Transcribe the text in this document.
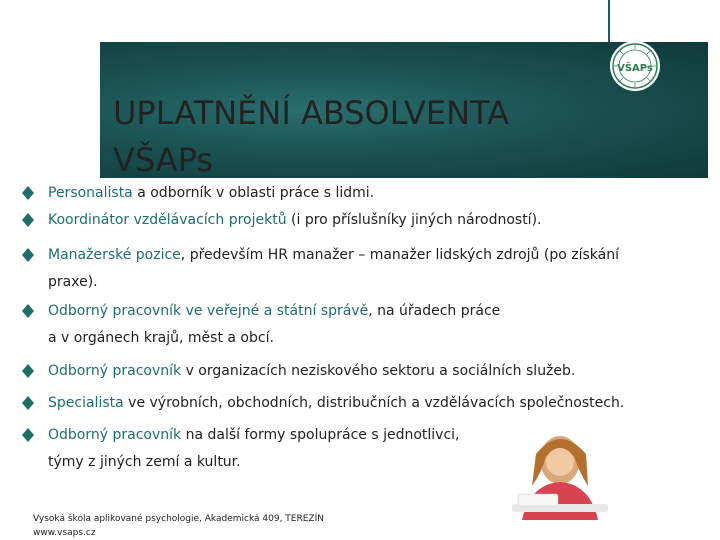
VŠAPs
UPLATNĚNÍ ABSOLVENTA
VŠAPs
Personalista a odborník v oblasti práce s lidmi.
Koordinátor vzdělávacích projektů (i pro příslušníky jiných národností).
Manažerské pozice, především HR manažer – manažer lidských zdrojů (po získání
praxe).
Odborný pracovník ve veřejné a státní správě, na úřadech práce
a v orgánech krajů, měst a obcí.
Odborný pracovník v organizacích neziskového sektoru a sociálních služeb.
Specialista ve výrobních, obchodních, distribučních a vzdělávacích společnostech.
Odborný pracovník na další formy spolupráce s jednotlivci,
týmy z jiných zemí a kultur.
Vysoká škola aplikované psychologie, Akademická 409, TEREZÍN
www.vsaps.cz
